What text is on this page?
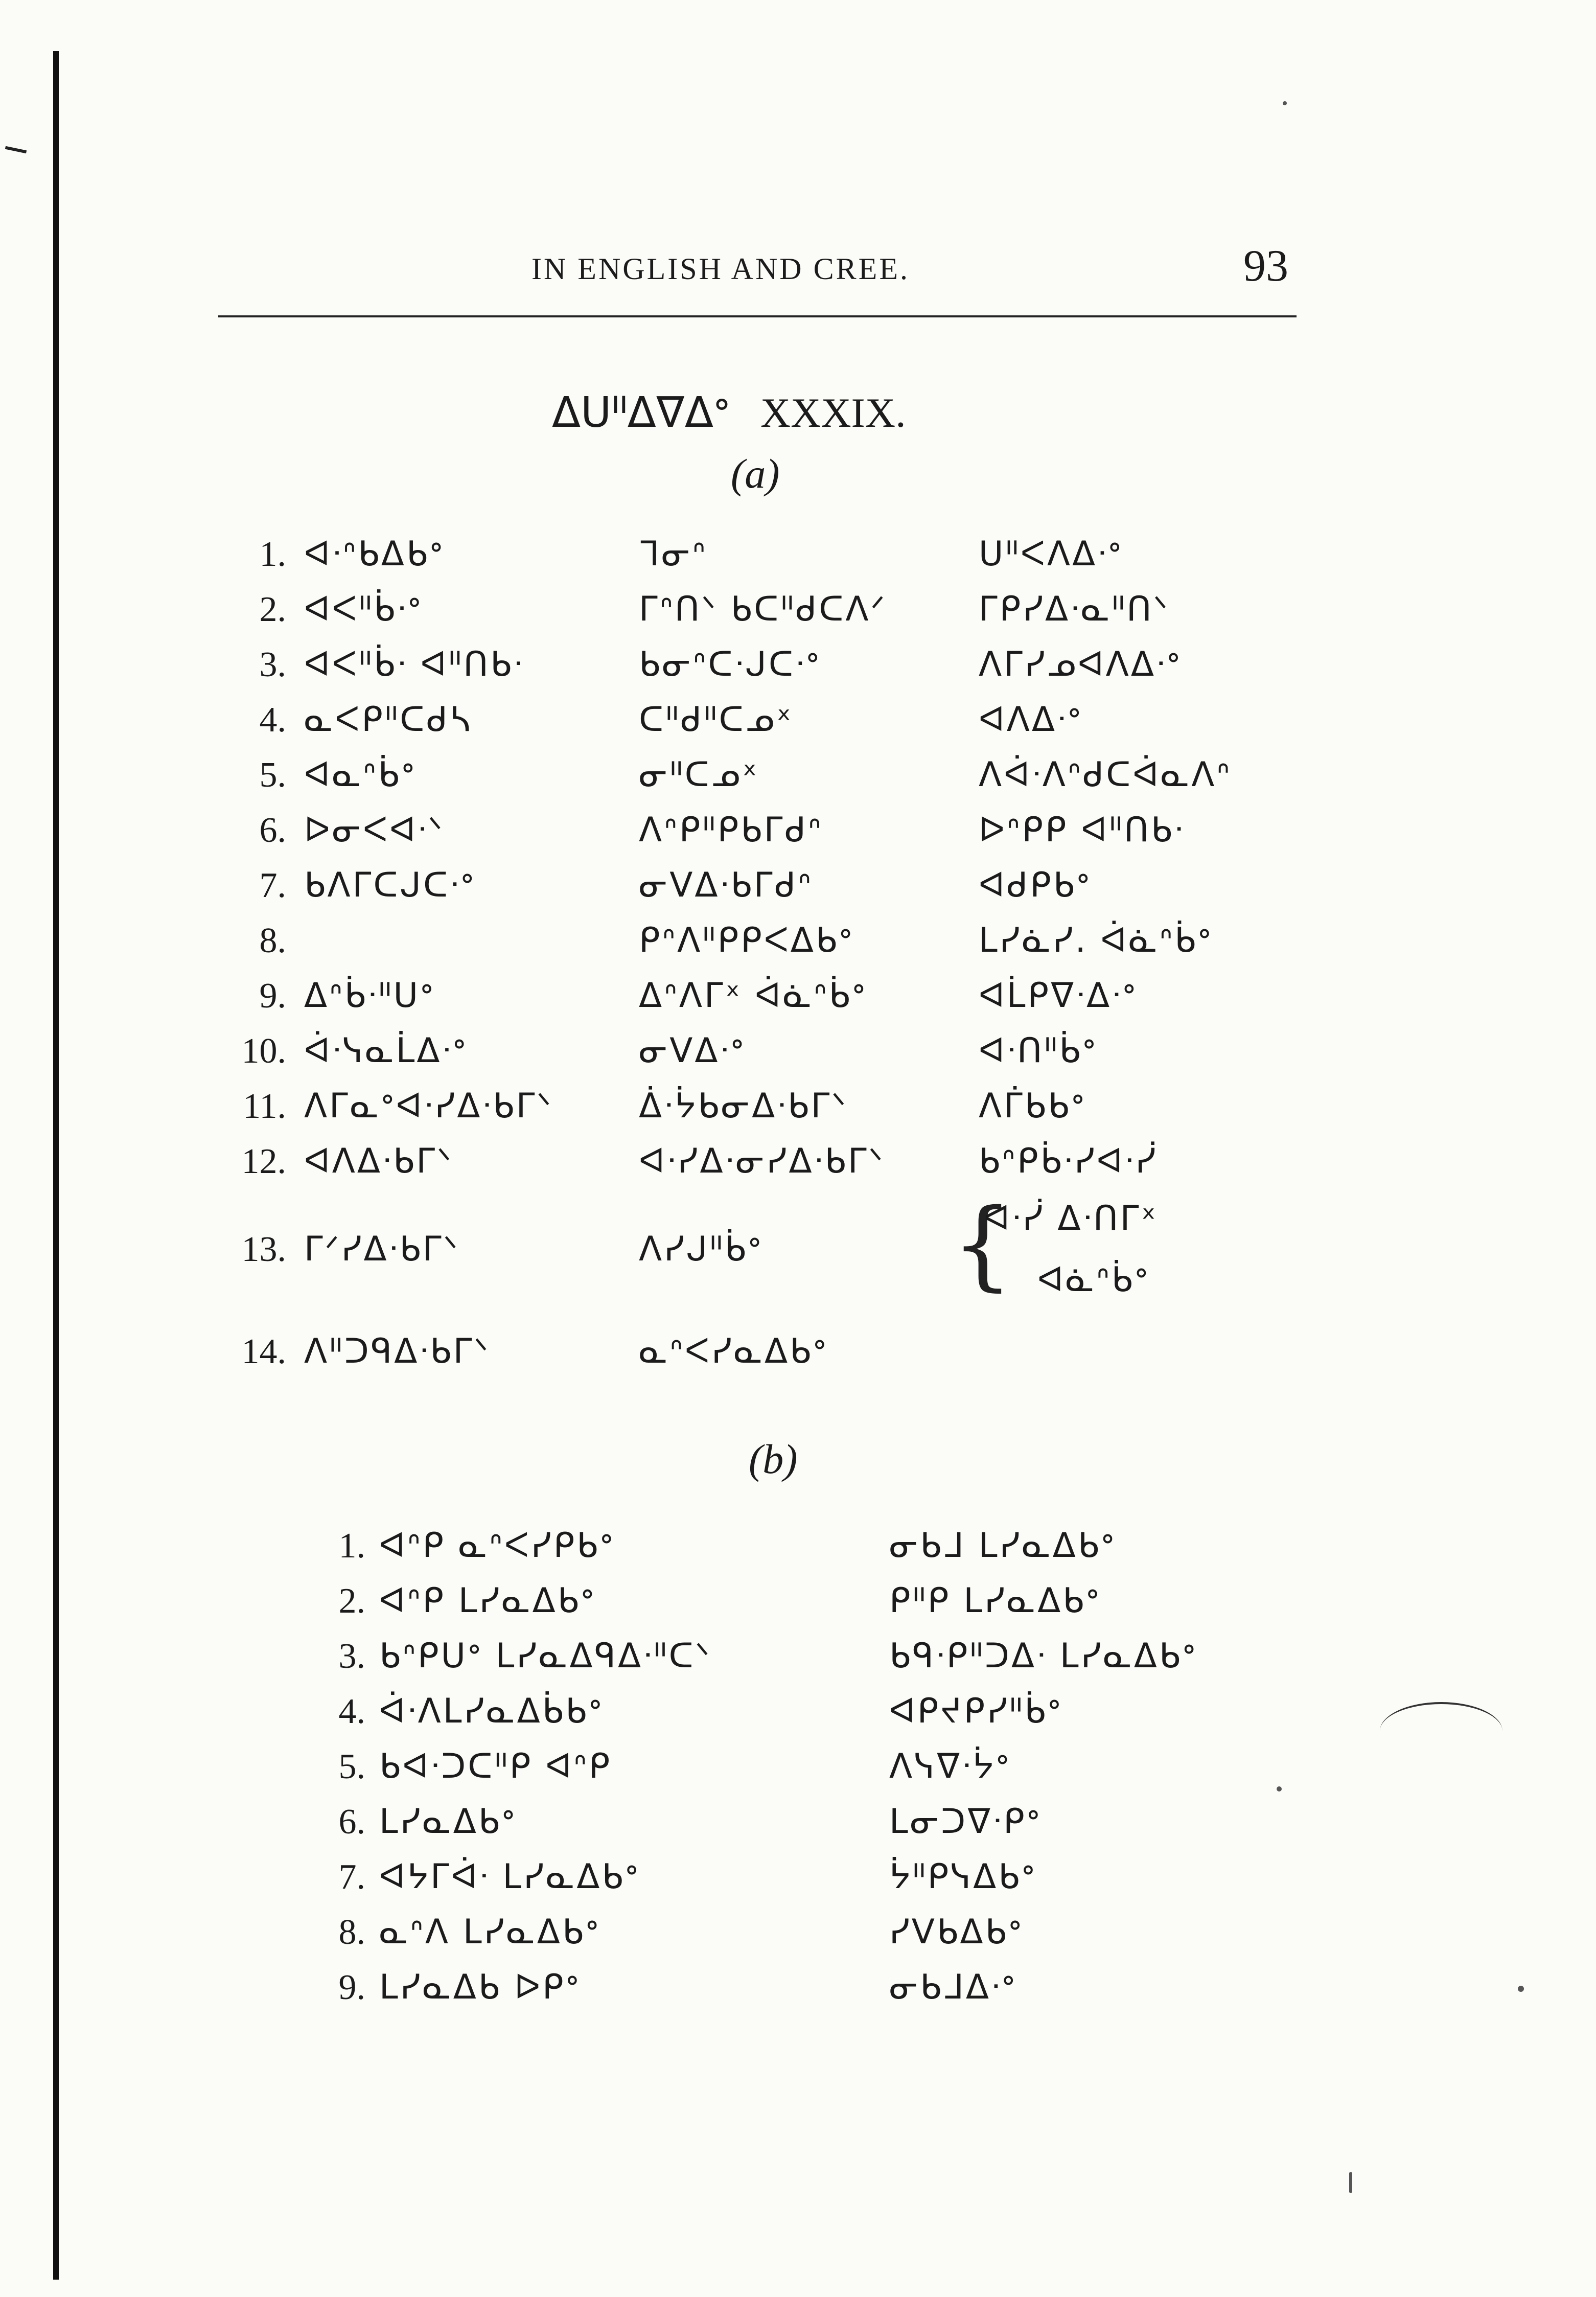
IN ENGLISH AND CREE.	93
ᐃᑌᐦᐃᐁᐃᐤ XXXIX.
(a)
1. ᐊᐧᐢᑲᐃᑲᐤ	ᒣᓂᐢ	ᑌᐦᐸᐱᐃᐧᐤ
2. ᐊᐸᐦᑳᐧᐤ	ᒥᐢᑎᐠ ᑲᑕᐦᑯᑕᐱᐟ	ᒥᑭᓯᐃᐧᓇᐦᑎᐠ
3. ᐊᐸᐦᑳᐧ ᐊᐦᑎᑲᐧ	ᑲᓂᐢᑕᐧᒍᑕᐧᐤ	ᐱᒥᓯᓄᐊᐱᐃᐧᐤ
4. ᓇᐸᑭᐦᑕᑯᓴ	ᑕᐦᑯᐦᑕᓄˣ	ᐊᐱᐃᐧᐤ
5. ᐊᓇᐢᑳᐤ	ᓂᐦᑕᓄˣ	ᐱᐋᐧᐱᐢᑯᑕᐋᓇᐱᐢ
6. ᐅᓂᐸᐊᐧᐠ	ᐱᐢᑭᐦᑭᑲᒥᑯᐢ	ᐅᐢᑭᑭ ᐊᐦᑎᑲᐧ
7. ᑲᐱᒥᑕᒍᑕᐧᐤ	ᓂᐯᐃᐧᑲᒥᑯᐢ	ᐊᑯᑭᑲᐤ
8.	ᑭᐢᐱᐦᑭᑭᐸᐃᑲᐤ	ᒪᓯᓈᓯ. ᐋᓈᐢᑳᐤ
9. ᐃᐢᑳᐧᐦᑌᐤ	ᐃᐢᐱᒥˣ ᐋᓈᐢᑳᐤ	ᐊᒫᑭᐁᐧᐃᐧᐤ
10. ᐋᐧᓭᓇᒫᐃᐧᐤ	ᓂᐯᐃᐧᐤ	ᐊᐧᑎᐦᑳᐤ
11. ᐱᒥᓇᐤᐊᐧᓯᐃᐧᑲᒥᐠ	ᐄᐧᔮᑲᓂᐃᐧᑲᒥᐠ	ᐱᒦᑲᑲᐤ
12. ᐊᐱᐃᐧᑲᒥᐠ	ᐊᐧᓯᐃᐧᓂᓯᐃᐧᑲᒥᐠ	ᑲᐢᑭᑳᐧᓯᐊᐧᓰ
13. ᒥᐟᓯᐃᐧᑲᒥᐠ	ᐱᓯᒍᐦᑳᐤ {
ᐊᐧᓰ ᐃᐧᑎᒥˣ
ᐊᓈᐢᑳᐤ
14. ᐱᐦᑐᑫᐃᐧᑲᒥᐠ	ᓇᐢᐸᓯᓇᐃᑲᐤ
(b)
1. ᐊᐢᑭ ᓇᐢᐸᓯᑭᑲᐤ	ᓂᑲᒧ ᒪᓯᓇᐃᑲᐤ
2. ᐊᐢᑭ ᒪᓯᓇᐃᑲᐤ	ᑭᐦᑭ ᒪᓯᓇᐃᑲᐤ
3. ᑲᐢᑭᑌᐤ ᒪᓯᓇᐃᑫᐃᐧᐦᑕᐠ	ᑲᑫᐧᑭᐦᑐᐃᐧ ᒪᓯᓇᐃᑲᐤ
4. ᐋᐧᐱᒪᓯᓇᐃᑳᑲᐤ	ᐊᑭᔪᑭᓯᐦᑳᐤ
5. ᑲᐊᐧᑐᑕᐦᑭ ᐊᐢᑭ	ᐱᓭᐁᐧᔮᐤ
6. ᒪᓯᓇᐃᑲᐤ	ᒪᓂᑐᐁᐧᑭᐤ
7. ᐊᔭᒥᐋᐧ ᒪᓯᓇᐃᑲᐤ	ᔮᐦᑭᓭᐃᑲᐤ
8. ᓇᐢᐱ ᒪᓯᓇᐃᑲᐤ	ᓯᐯᑲᐃᑲᐤ
9. ᒪᓯᓇᐃᑲ ᐅᑭᐤ	ᓂᑲᒧᐃᐧᐤ
